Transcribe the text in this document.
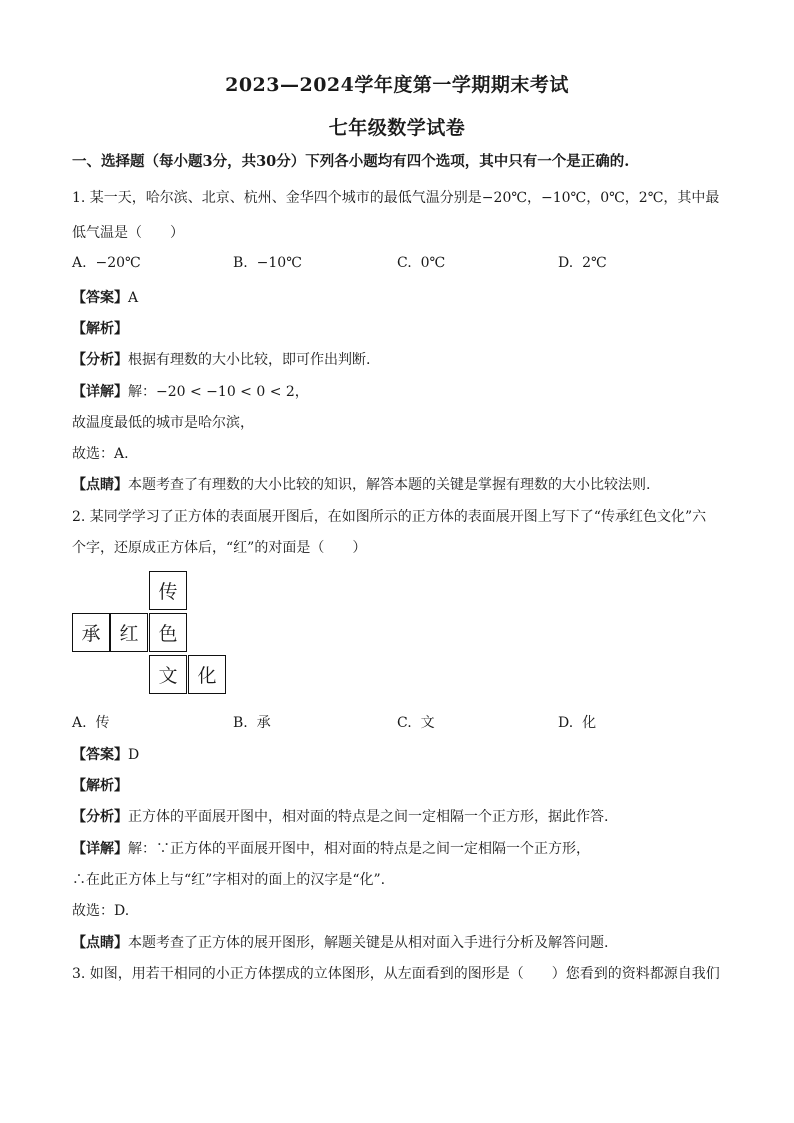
2023—2024学年度第一学期期末考试
七年级数学试卷
一、选择题（每小题3分，共30分）下列各小题均有四个选项，其中只有一个是正确的.
1. 某一天，哈尔滨、北京、杭州、金华四个城市的最低气温分别是−20℃，−10℃，0℃，2℃，其中最
低气温是（　　）
A. −20℃	B. −10℃	C. 0℃	D. 2℃
【答案】A
【解析】
【分析】根据有理数的大小比较，即可作出判断.
【详解】解：−20 < −10 < 0 < 2，
故温度最低的城市是哈尔滨，
故选：A.
【点睛】本题考查了有理数的大小比较的知识，解答本题的关键是掌握有理数的大小比较法则.
2. 某同学学习了正方体的表面展开图后，在如图所示的正方体的表面展开图上写下了“传承红色文化”六
个字，还原成正方体后，“红”的对面是（　　）
传
承 红	色
文	化
A. 传	B. 承	C. 文	D. 化
【答案】D
【解析】
【分析】正方体的平面展开图中，相对面的特点是之间一定相隔一个正方形，据此作答.
【详解】解：∵正方体的平面展开图中，相对面的特点是之间一定相隔一个正方形，
∴在此正方体上与“红”字相对的面上的汉字是“化”.
故选：D.
【点睛】本题考查了正方体的展开图形，解题关键是从相对面入手进行分析及解答问题.
3. 如图，用若干相同的小正方体摆成的立体图形，从左面看到的图形是（　　）您看到的资料都源自我们
